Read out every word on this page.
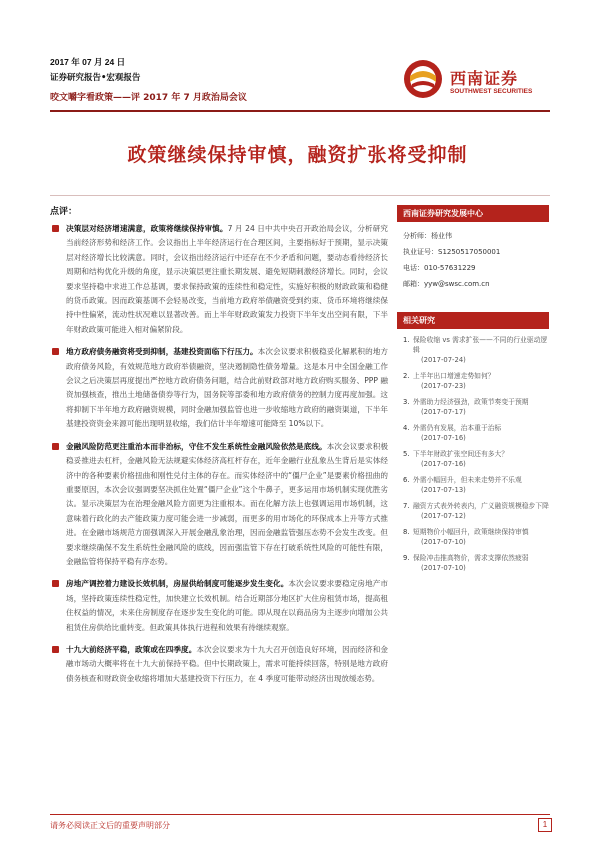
2017 年 07 月 24 日
证券研究报告•宏观报告
咬文嚼字看政策——评 2017 年 7 月政治局会议
西南证券
SOUTHWEST SECURITIES
政策继续保持审慎，融资扩张将受抑制
点评：
决策层对经济增速满意，政策将继续保持审慎。7 月 24 日中共中央召开政治局会议，分析研究当前经济形势和经济工作。会议指出上半年经济运行在合理区间，主要指标好于预期，显示决策层对经济增长比较满意。同时，会议指出经济运行中还存在不少矛盾和问题，要动态看待经济长周期和结构优化升级的角度，显示决策层更注重长期发展、避免短期刺激经济增长。同时，会议要求坚持稳中求进工作总基调，要求保持政策的连续性和稳定性，实施好积极的财政政策和稳健的货币政策。因而政策基调不会轻易改变，当前地方政府举债融资受到约束、货币环境将继续保持中性偏紧，流动性状况难以显著改善。而上半年财政政策发力投资下半年支出空间有限，下半年财政政策可能进入相对偏紧阶段。
地方政府债务融资将受到抑制，基建投资面临下行压力。本次会议要求积极稳妥化解累积的地方政府债务风险，有效规范地方政府举债融资，坚决遏制隐性债务增量。这是本月中全国金融工作会议之后决策层再度提出严控地方政府债务问题，结合此前财政部对地方政府购买服务、PPP 融资加强核查，推出土地储备债券等行为，国务院等部委和地方政府债务的控制力度再度加强。这将抑制下半年地方政府融资规模，同时金融加强监管也进一步收缩地方政府的融资渠道，下半年基建投资资金来源可能出现明显收缩，我们估计半年增速可能降至 10%以下。
金融风险防范更注重治本而非治标，守住不发生系统性金融风险依然是底线。本次会议要求积极稳妥推进去杠杆，金融风险无法规避实体经济高杠杆存在，近年金融行业乱象丛生背后是实体经济中的各种要素价格扭曲和刚性兑付主体的存在。而实体经济中的“僵尸企业”是要素价格扭曲的重要原因，本次会议强调要坚决抓住处置“僵尸企业”这个牛鼻子，更多运用市场机制实现优胜劣汰。显示决策层为在治理金融风险方面更为注重根本。而在化解方法上也强调运用市场机制，这意味着行政化的去产能政策力度可能会进一步减弱，而更多的用市场化的环保成本上升等方式推进。在金融市场规范方面强调深入开展金融乱象治理，因而金融监管强压态势不会发生改变。但要求继续确保不发生系统性金融风险的底线，因而强监管下存在打破系统性风险的可能性有限，金融监管将保持平稳有序态势。
房地产调控着力建设长效机制，房屋供给制度可能逐步发生变化。本次会议要求要稳定房地产市场，坚持政策连续性稳定性，加快建立长效机制。结合近期部分地区扩大住房租赁市场，提高租住权益的情况，未来住房制度存在逐步发生变化的可能。即从现在以商品房为主逐步向增加公共租赁住房供给比重转变。但政策具体执行进程和效果有待继续观察。
十九大前经济平稳，政策或在四季度。本次会议要求为十九大召开创造良好环境，因而经济和金融市场动大概率将在十九大前保持平稳。但中长期政策上，需求可能持续回落，特别是地方政府债务核查和财政资金收缩将增加大基建投资下行压力，在 4 季度可能带动经济出现放缓态势。
西南证券研究发展中心
分析师：杨业伟
执业证号：S1250517050001
电话：010-57631229
邮箱：yyw@swsc.com.cn
相关研究
1. 保险收缩 vs 需求扩张——不同的行业驱动逻辑
(2017-07-24)
2. 上半年出口增速走势如何？
(2017-07-23)
3. 外需助力经济强劲，政策节奏变于预期
(2017-07-17)
4. 外需仍有发展，治本重于治标
(2017-07-16)
5. 下半年财政扩张空间还有多大？
(2017-07-16)
6. 外需小幅回升，但未来走势并不乐观
(2017-07-13)
7. 融资方式表外转表内，广义融资规模稳步下降
(2017-07-12)
8. 短期物价小幅回升，政策继续保持审慎
(2017-07-10)
9. 保险冲击推高物价，需求支撑依然疲弱
(2017-07-10)
请务必阅读正文后的重要声明部分	1
